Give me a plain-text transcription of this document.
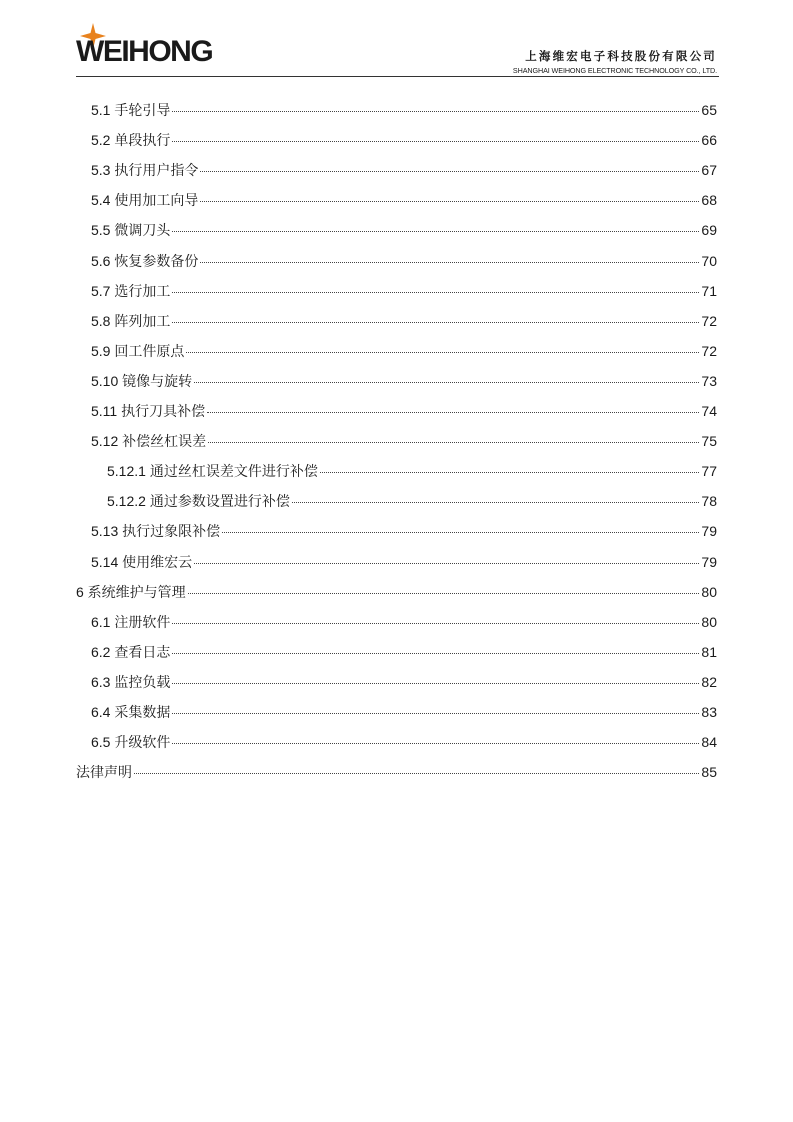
WEIHONG	上海维宏电子科技股份有限公司
SHANGHAI WEIHONG ELECTRONIC TECHNOLOGY CO., LTD.
5.1 手轮引导	65
5.2 单段执行	66
5.3 执行用户指令	67
5.4 使用加工向导	68
5.5 微调刀头	69
5.6 恢复参数备份	70
5.7 选行加工	71
5.8 阵列加工	72
5.9 回工件原点	72
5.10 镜像与旋转	73
5.11 执行刀具补偿	74
5.12 补偿丝杠误差	75
5.12.1 通过丝杠误差文件进行补偿	77
5.12.2 通过参数设置进行补偿	78
5.13 执行过象限补偿	79
5.14 使用维宏云	79
6 系统维护与管理	80
6.1 注册软件	80
6.2 查看日志	81
6.3 监控负载	82
6.4 采集数据	83
6.5 升级软件	84
法律声明	85
